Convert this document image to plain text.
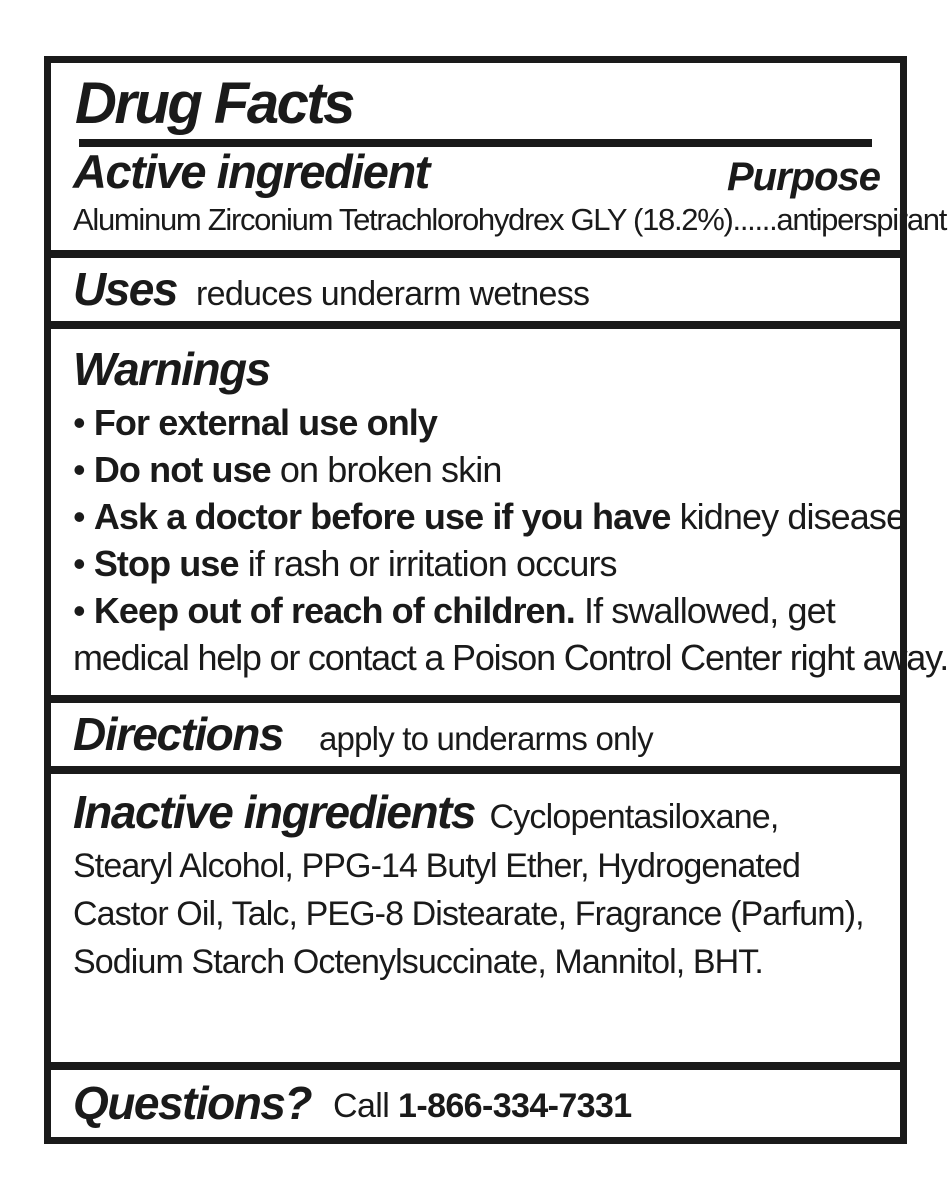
Drug Facts
Active ingredient	Purpose
Aluminum Zirconium Tetrachlorohydrex GLY (18.2%)......antiperspirant
Uses reduces underarm wetness
Warnings
• For external use only
• Do not use on broken skin
• Ask a doctor before use if you have kidney disease
• Stop use if rash or irritation occurs
• Keep out of reach of children. If swallowed, get
medical help or contact a Poison Control Center right away.
Directions apply to underarms only
Inactive ingredients Cyclopentasiloxane,
Stearyl Alcohol, PPG-14 Butyl Ether, Hydrogenated
Castor Oil, Talc, PEG-8 Distearate, Fragrance (Parfum),
Sodium Starch Octenylsuccinate, Mannitol, BHT.
Questions? Call 1-866-334-7331
